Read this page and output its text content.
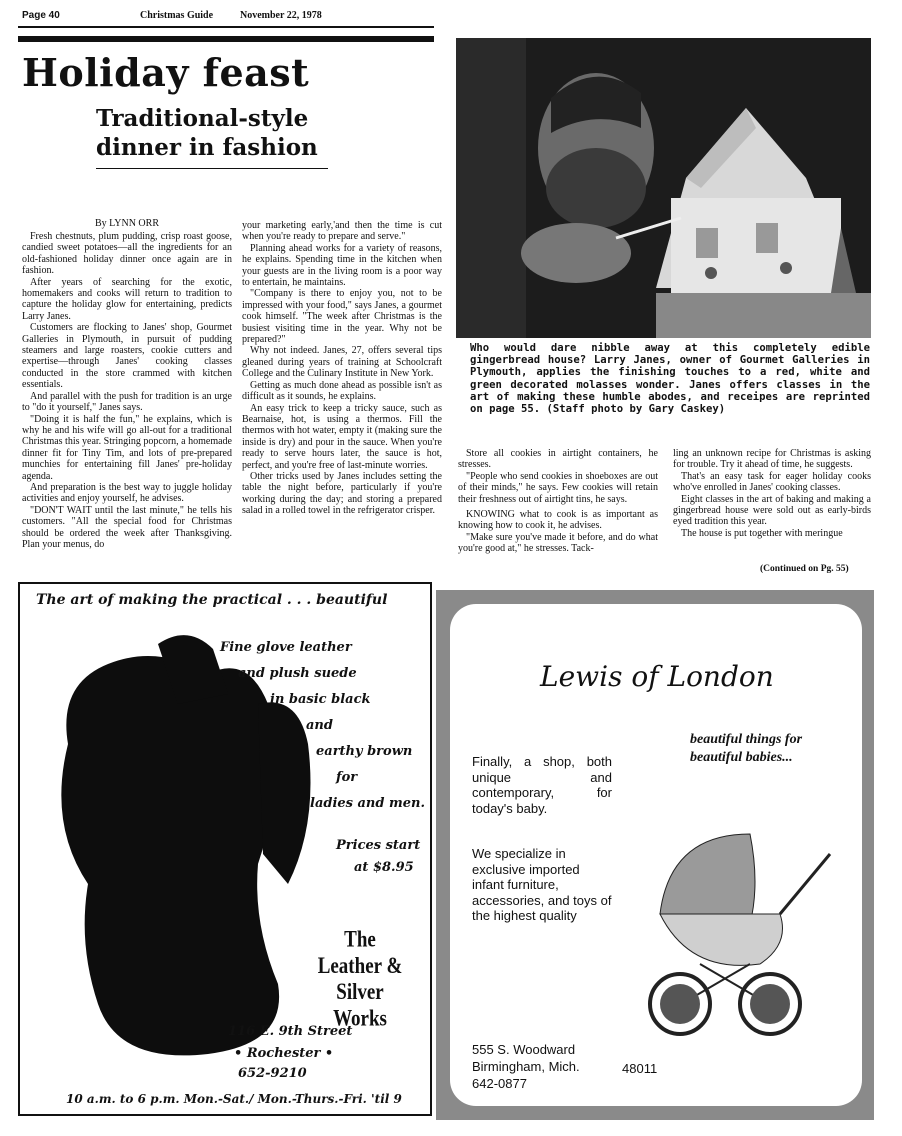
Page 40	Christmas Guide	November 22, 1978
Holiday feast
Traditional-style
dinner in fashion
By LYNN ORR

Fresh chestnuts, plum pudding, crisp roast goose, candied sweet potatoes—all the ingredients for an old-fashioned holiday dinner once again are in fashion.

After years of searching for the exotic, homemakers and cooks will return to tradition to capture the holiday glow for entertaining, predicts Larry Janes.

Customers are flocking to Janes' shop, Gourmet Galleries in Plymouth, in pursuit of pudding steamers and large roasters, cookie cutters and expertise—through Janes' cooking classes conducted in the store crammed with kitchen essentials.

And parallel with the push for tradition is an urge to "do it yourself," Janes says.

"Doing it is half the fun," he explains, which is why he and his wife will go all-out for a traditional Christmas this year. Stringing popcorn, a homemade dinner fit for Tiny Tim, and lots of pre-prepared munchies for entertaining fill Janes' pre-holiday agenda.

And preparation is the best way to juggle holiday activities and enjoy yourself, he advises.

"DON'T WAIT until the last minute," he tells his customers. "All the special food for Christmas should be ordered the week after Thanksgiving. Plan your menus, do

your marketing early,'and then the time is cut when you're ready to prepare and serve."

Planning ahead works for a variety of reasons, he explains. Spending time in the kitchen when your guests are in the living room is a poor way to entertain, he maintains.

"Company is there to enjoy you, not to be impressed with your food," says Janes, a gourmet cook himself. "The week after Christmas is the busiest visiting time in the year. Why not be prepared?"

Why not indeed. Janes, 27, offers several tips gleaned during years of training at Schoolcraft College and the Culinary Institute in New York.

Getting as much done ahead as possible isn't as difficult as it sounds, he explains.

An easy trick to keep a tricky sauce, such as Bearnaise, hot, is using a thermos. Fill the thermos with hot water, empty it (making sure the inside is dry) and pour in the sauce. When you're ready to serve hours later, the sauce is hot, perfect, and you're free of last-minute worries.

Other tricks used by Janes includes setting the table the night before, particularly if you're working during the day; and storing a prepared salad in a rolled towel in the refrigerator crisper.

Who would dare nibble away at this completely edible gingerbread house? Larry Janes, owner of Gourmet Galleries in Plymouth, applies the finishing touches to a red, white and green decorated molasses wonder. Janes offers classes in the art of making these humble abodes, and receipes are reprinted on page 55. (Staff photo by Gary Caskey)

Store all cookies in airtight containers, he stresses.

"People who send cookies in shoeboxes are out of their minds," he says. Few cookies will retain their freshness out of airtight tins, he says.

KNOWING what to cook is as important as knowing how to cook it, he advises.

"Make sure you've made it before, and do what you're good at," he stresses. Tack-

ling an unknown recipe for Christmas is asking for trouble. Try it ahead of time, he suggests.

That's an easy task for eager holiday cooks who've enrolled in Janes' cooking classes.

Eight classes in the art of baking and making a gingerbread house were sold out as early-birds eyed tradition this year.

The house is put together with meringue

(Continued on Pg. 55)
The art of making the practical . . . beautiful
Fine glove leather
and plush suede
in basic black
and
earthy brown
for
ladies and men.
Prices start
at $8.95
The
Leather & Silver
Works
116 E. 9th Street
• Rochester •
652-9210
10 a.m. to 6 p.m. Mon.-Sat./ Mon.-Thurs.-Fri. 'til 9
Lewis of London
beautiful things for
beautiful babies...
Finally, a shop, both unique and contemporary, for today's baby.
We specialize in exclusive imported infant furniture, accessories, and toys of the highest quality
555 S. Woodward
Birmingham, Mich.	48011
642-0877
